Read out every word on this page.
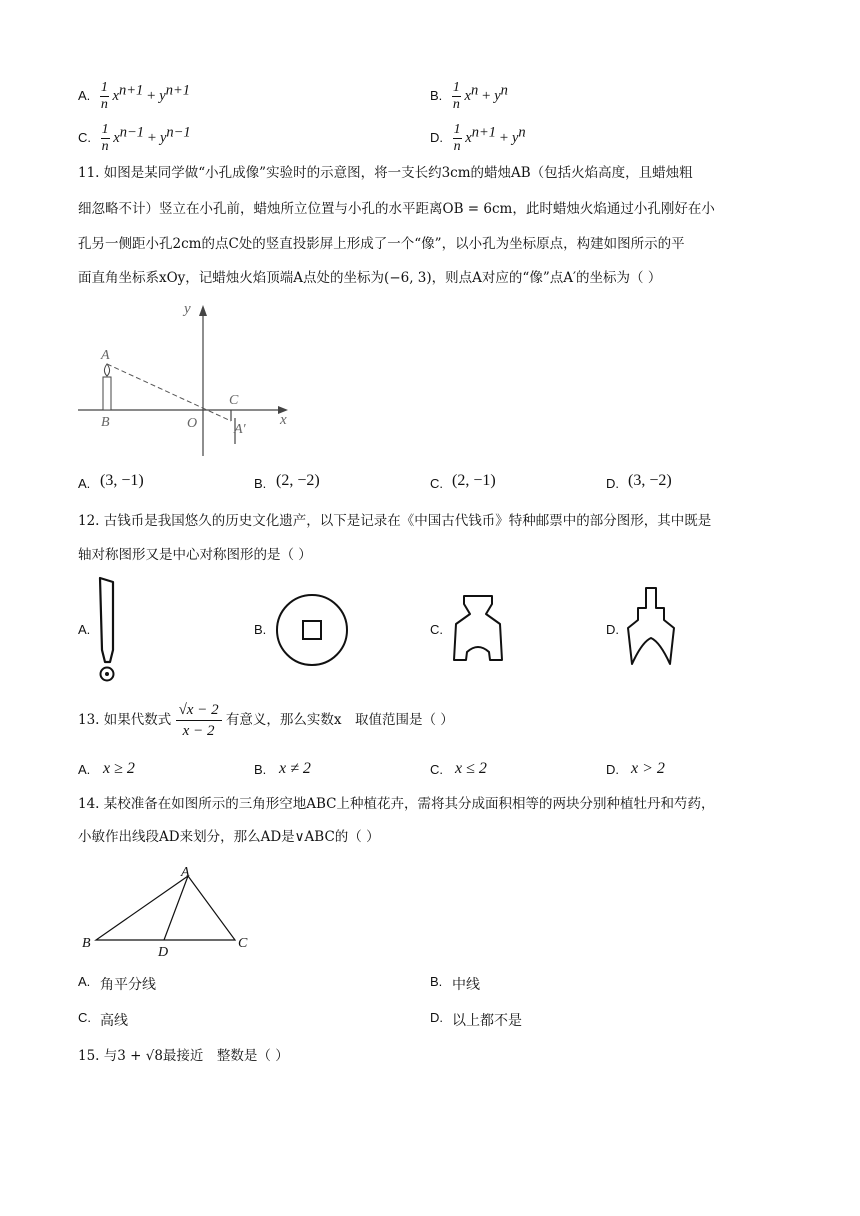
A. $\frac{1}{n} x^{n+1} + y^{n+1}$	B. $\frac{1}{n} x^n + y^n$
C. $\frac{1}{n} x^{n-1} + y^{n-1}$	D. $\frac{1}{n} x^{n+1} + y^n$
11. 如图是某同学做“小孔成像”实验时的示意图，将一支长约3cm的蜡烛AB（包括火焰高度，且蜡烛粗
细忽略不计）竖立在小孔前，蜡烛所立位置与小孔的水平距离OB = 6cm，此时蜡烛火焰通过小孔刚好在小
孔另一侧距小孔2cm的点C处的竖直投影屏上形成了一个“像”，以小孔为坐标原点，构建如图所示的平
面直角坐标系xOy，记蜡烛火焰顶端A点处的坐标为(−6, 3)，则点A对应的“像”点A′的坐标为（ ）
y
x
A
B	O
C
A′
A. (3, −1)	B. (2, −2)	C. (2, −1)	D. (3, −2)
12. 古钱币是我国悠久的历史文化遗产，以下是记录在《中国古代钱币》特种邮票中的部分图形，其中既是
轴对称图形又是中心对称图形的是（ ）
A.	B.	C.	D.
13. 如果代数式 $\frac{√x - 2}{x - 2}$ 有意义，那么实数x　取值范围是（ ）
A. x ≥ 2	B. x ≠ 2	C. x ≤ 2	D. x > 2
14. 某校准备在如图所示的三角形空地ABC上种植花卉，需将其分成面积相等的两块分别种植牡丹和芍药，
小敏作出线段AD来划分，那么AD是∨ABC的（ ）
A
B	C
D
A. 角平分线	B. 中线
C. 高线	D. 以上都不是
15. 与3 + √8最接近　整数是（ ）
